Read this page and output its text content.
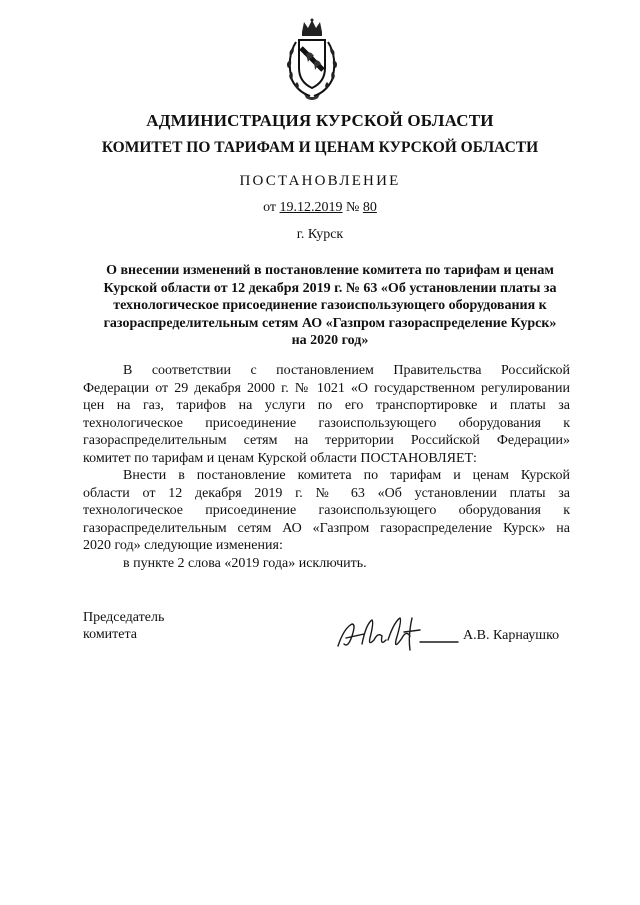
АДМИНИСТРАЦИЯ КУРСКОЙ ОБЛАСТИ
КОМИТЕТ ПО ТАРИФАМ И ЦЕНАМ КУРСКОЙ ОБЛАСТИ
ПОСТАНОВЛЕНИЕ
от 19.12.2019 № 80
г. Курск
О внесении изменений в постановление комитета по тарифам и ценам
Курской области от 12 декабря 2019 г. № 63 «Об установлении платы за
технологическое присоединение газоиспользующего оборудования к
газораспределительным сетям АО «Газпром газораспределение Курск»
на 2020 год»
В соответствии с постановлением Правительства Российской
Федерации от 29 декабря 2000 г. № 1021 «О государственном регулировании
цен на газ, тарифов на услуги по его транспортировке и платы за
технологическое присоединение газоиспользующего оборудования к
газораспределительным сетям на территории Российской Федерации»
комитет по тарифам и ценам Курской области ПОСТАНОВЛЯЕТ:
Внести в постановление комитета по тарифам и ценам Курской
области от 12 декабря 2019 г. № 63 «Об установлении платы за
технологическое присоединение газоиспользующего оборудования к
газораспределительным сетям АО «Газпром газораспределение Курск» на
2020 год» следующие изменения:
в пункте 2 слова «2019 года» исключить.
Председатель
комитета	А.В. Карнаушко
